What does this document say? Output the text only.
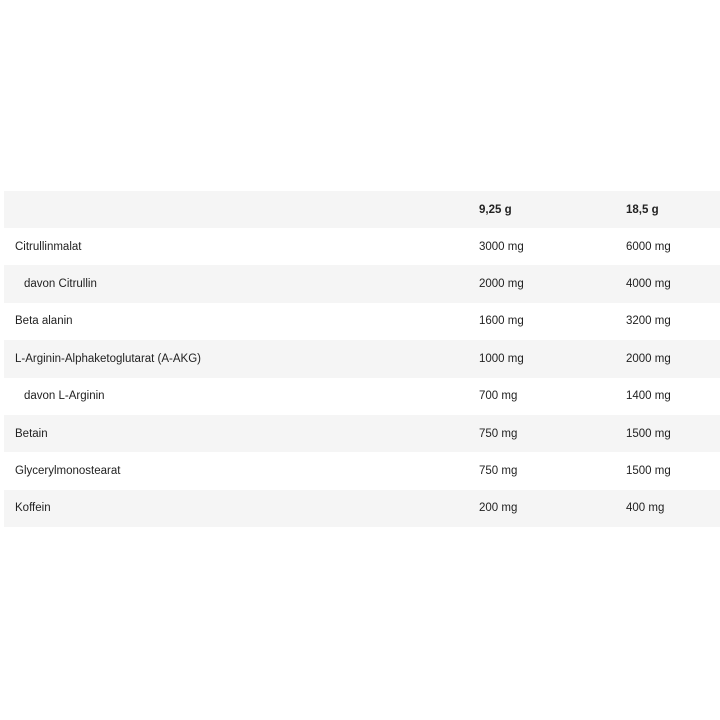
	9,25 g	18,5 g
Citrullinmalat	3000 mg	6000 mg
davon Citrullin	2000 mg	4000 mg
Beta alanin	1600 mg	3200 mg
L-Arginin-Alphaketoglutarat (A-AKG)	1000 mg	2000 mg
davon L-Arginin	700 mg	1400 mg
Betain	750 mg	1500 mg
Glycerylmonostearat	750 mg	1500 mg
Koffein	200 mg	400 mg
